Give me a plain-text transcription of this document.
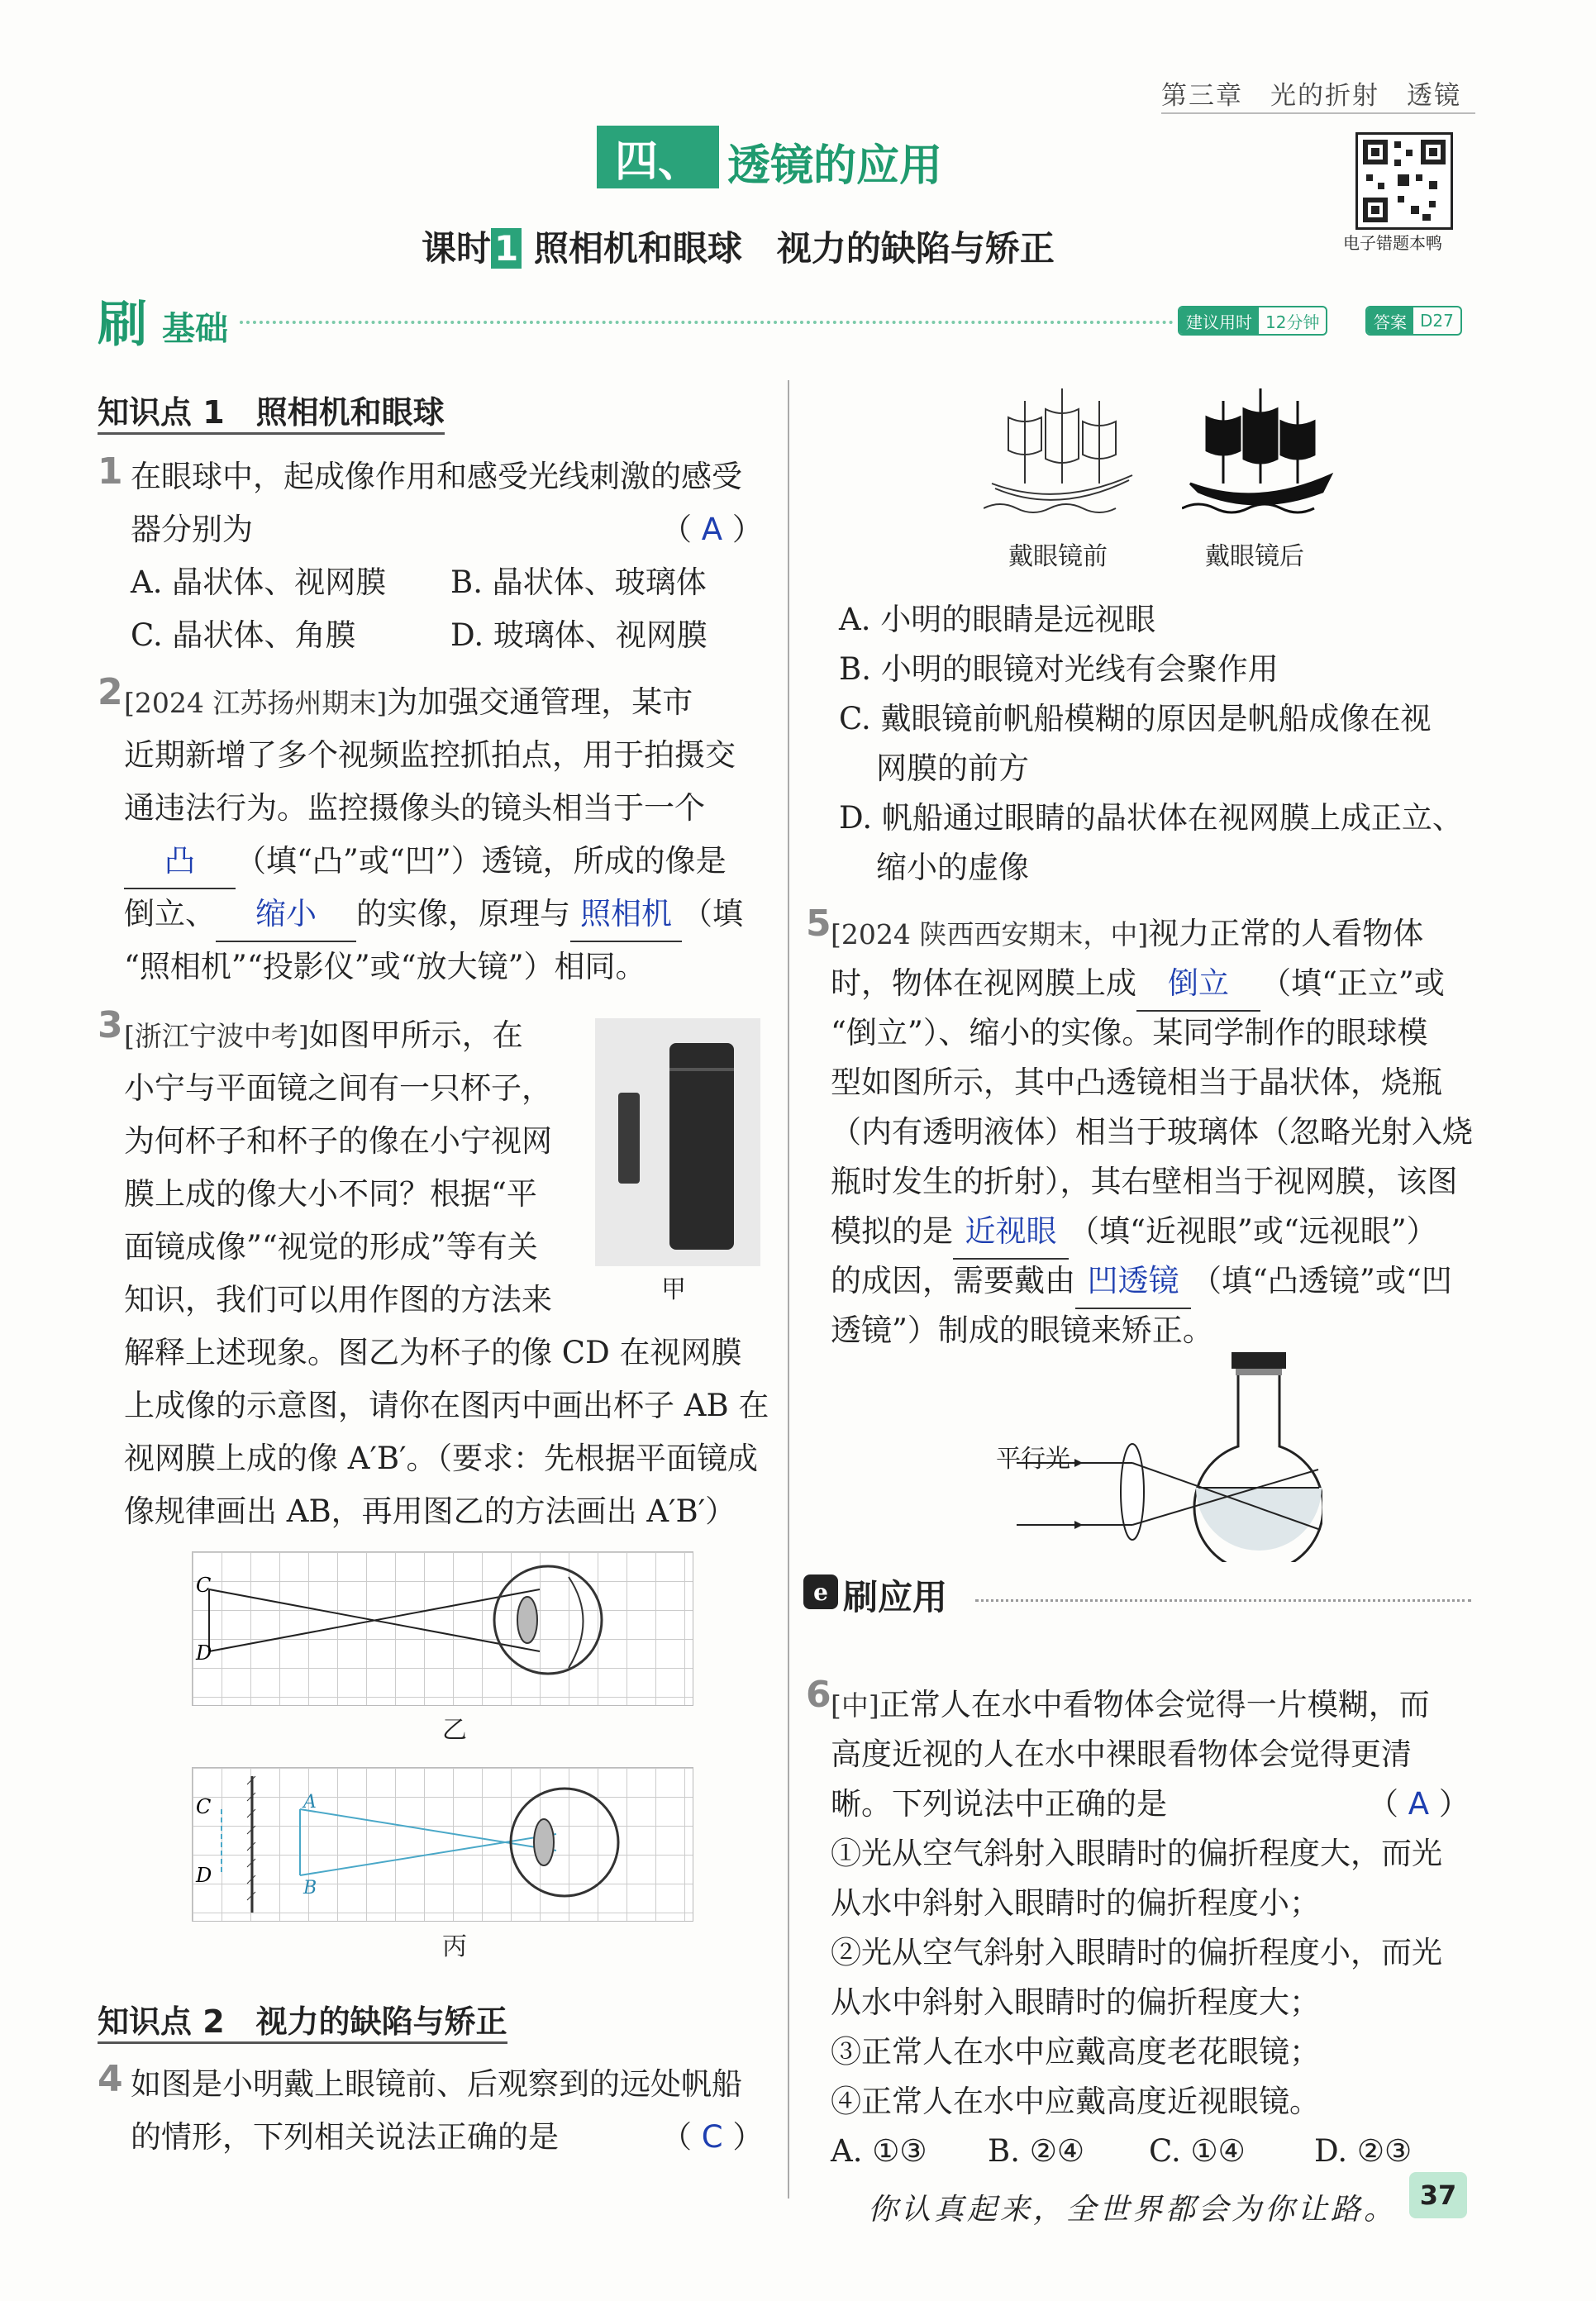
第三章　光的折射　透镜
四、 透镜的应用
课时1 照相机和眼球　视力的缺陷与矫正	电子错题本鸭
刷 基础	建议用时 12分钟	答案 D27
知识点 1　照相机和眼球
1 在眼球中，起成像作用和感受光线刺激的感受
器分别为	（ A ）
A. 晶状体、视网膜 B. 晶状体、玻璃体
C. 晶状体、角膜	D. 玻璃体、视网膜
2 [2024 江苏扬州期末]为加强交通管理，某市
近期新增了多个视频监控抓拍点，用于拍摄交
通违法行为。监控摄像头的镜头相当于一个
凸 （填“凸”或“凹”）透镜，所成的像是
倒立、 缩小 的实像，原理与 照相机 （填
“照相机”“投影仪”或“放大镜”）相同。
3 [浙江宁波中考]如图甲所示，在
小宁与平面镜之间有一只杯子，
为何杯子和杯子的像在小宁视网
膜上成的像大小不同？根据“平
面镜成像”“视觉的形成”等有关
知识，我们可以用作图的方法来
解释上述现象。图乙为杯子的像 CD 在视网膜
上成像的示意图，请你在图丙中画出杯子 AB 在
视网膜上成的像 A′B′。（要求：先根据平面镜成
像规律画出 AB，再用图乙的方法画出 A′B′）
甲
C
D
乙
C
D
A
B
丙
知识点 2　视力的缺陷与矫正
4 如图是小明戴上眼镜前、后观察到的远处帆船
的情形，下列相关说法正确的是	（ C ）
戴眼镜前	戴眼镜后
A. 小明的眼睛是远视眼
B. 小明的眼镜对光线有会聚作用
C. 戴眼镜前帆船模糊的原因是帆船成像在视
网膜的前方
D. 帆船通过眼睛的晶状体在视网膜上成正立、
缩小的虚像
5 [2024 陕西西安期末，中]视力正常的人看物体
时，物体在视网膜上成 倒立 （填“正立”或
“倒立”）、缩小的实像。某同学制作的眼球模
型如图所示，其中凸透镜相当于晶状体，烧瓶
（内有透明液体）相当于玻璃体（忽略光射入烧
瓶时发生的折射），其右壁相当于视网膜，该图
模拟的是 近视眼 （填“近视眼”或“远视眼”）
的成因，需要戴由 凹透镜 （填“凸透镜”或“凹
透镜”）制成的眼镜来矫正。
平行光
e 刷应用
6 [中]正常人在水中看物体会觉得一片模糊，而
高度近视的人在水中裸眼看物体会觉得更清
晰。下列说法中正确的是	（ A ）
①光从空气斜射入眼睛时的偏折程度大，而光
从水中斜射入眼睛时的偏折程度小；
②光从空气斜射入眼睛时的偏折程度小，而光
从水中斜射入眼睛时的偏折程度大；
③正常人在水中应戴高度老花眼镜；
④正常人在水中应戴高度近视眼镜。
A. ①③ B. ②④ C. ①④ D. ②③
你认真起来，全世界都会为你让路。 37
